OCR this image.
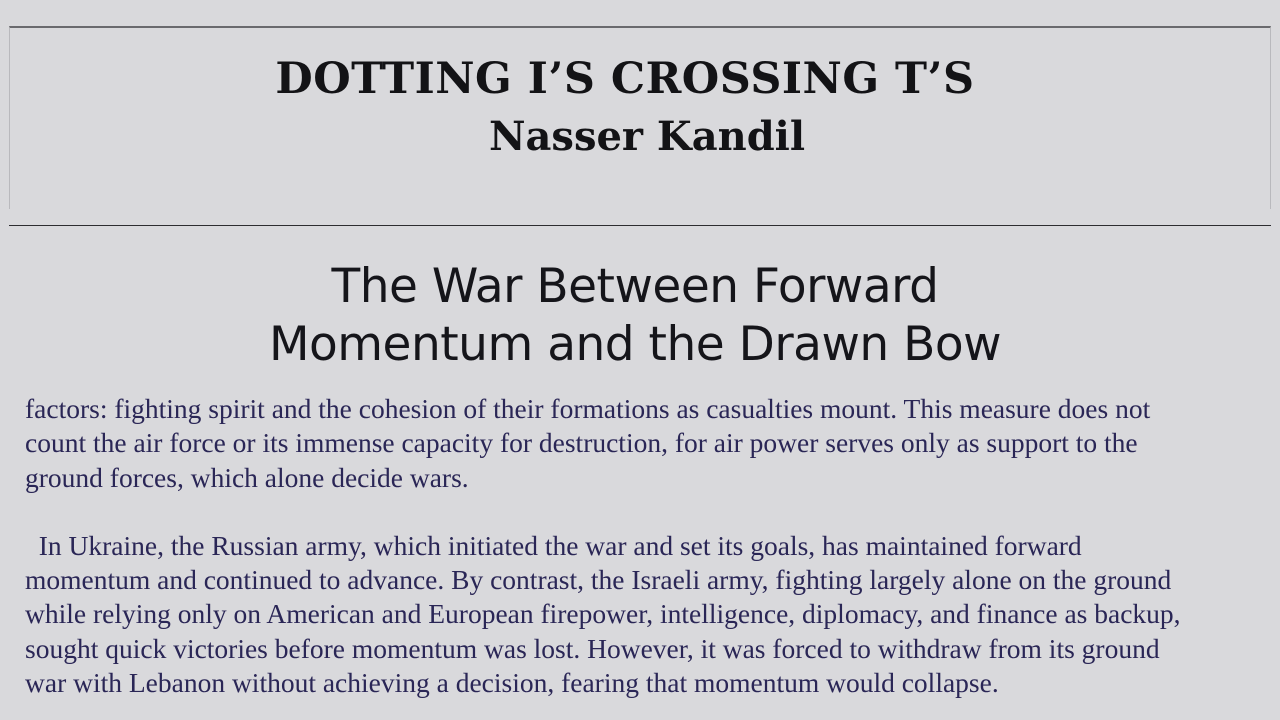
DOTTING I’S CROSSING T’S
Nasser Kandil
The War Between Forward
Momentum and the Drawn Bow

factors: fighting spirit and the cohesion of their formations as casualties mount. This measure does not

count the air force or its immense capacity for destruction, for air power serves only as support to the

ground forces, which alone decide wars.

In Ukraine, the Russian army, which initiated the war and set its goals, has maintained forward

momentum and continued to advance. By contrast, the Israeli army, fighting largely alone on the ground

while relying only on American and European firepower, intelligence, diplomacy, and finance as backup,

sought quick victories before momentum was lost. However, it was forced to withdraw from its ground

war with Lebanon without achieving a decision, fearing that momentum would collapse.
